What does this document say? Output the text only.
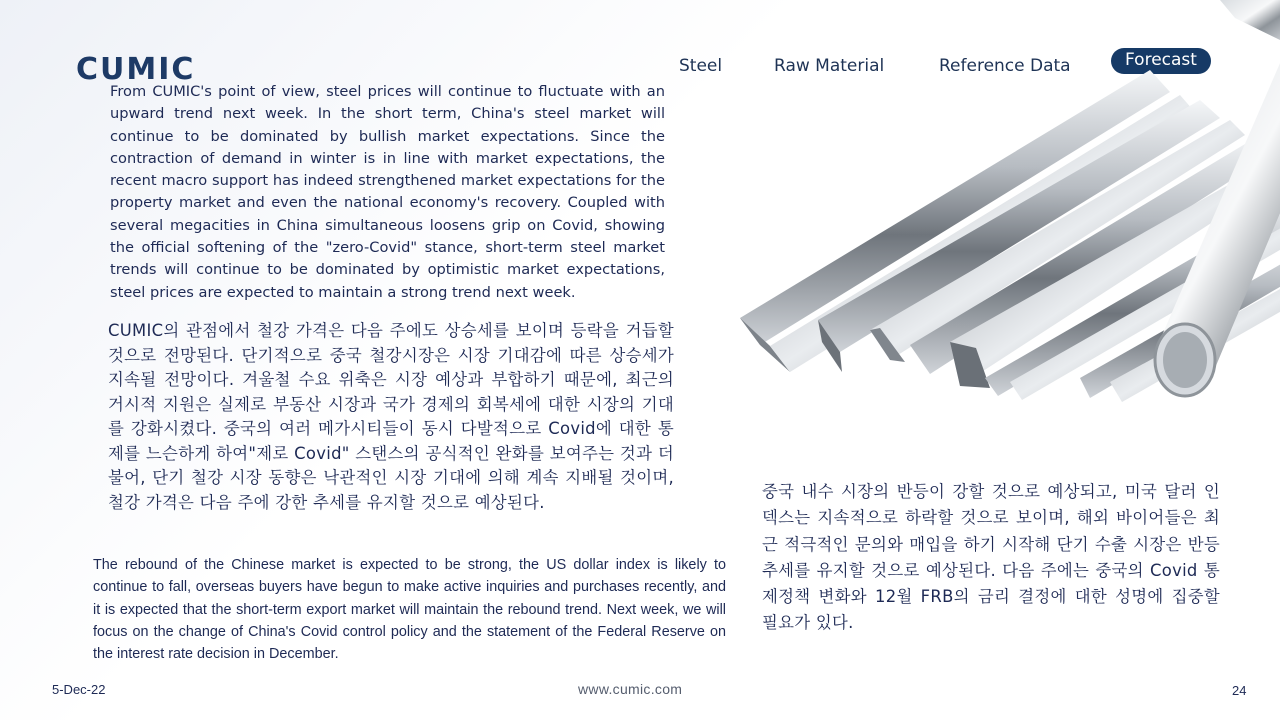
CUMIC	Steel	Raw Material	Reference Data	Forecast

From CUMIC's point of view, steel prices will continue to fluctuate with an upward trend next week. In the short term, China's steel market will continue to be dominated by bullish market expectations. Since the contraction of demand in winter is in line with market expectations, the recent macro support has indeed strengthened market expectations for the property market and even the national economy's recovery. Coupled with several megacities in China simultaneous loosens grip on Covid, showing the official softening of the "zero-Covid" stance, short-term steel market trends will continue to be dominated by optimistic market expectations, steel prices are expected to maintain a strong trend next week.

CUMIC의 관점에서 철강 가격은 다음 주에도 상승세를 보이며 등락을 거듭할 것으로 전망된다. 단기적으로 중국 철강시장은 시장 기대감에 따른 상승세가 지속될 전망이다. 겨울철 수요 위축은 시장 예상과 부합하기 때문에, 최근의 거시적 지원은 실제로 부동산 시장과 국가 경제의 회복세에 대한 시장의 기대를 강화시켰다. 중국의 여러 메가시티들이 동시 다발적으로 Covid에 대한 통제를 느슨하게 하여"제로 Covid" 스탠스의 공식적인 완화를 보여주는 것과 더불어, 단기 철강 시장 동향은 낙관적인 시장 기대에 의해 계속 지배될 것이며, 철강 가격은 다음 주에 강한 추세를 유지할 것으로 예상된다.

The rebound of the Chinese market is expected to be strong, the US dollar index is likely to continue to fall, overseas buyers have begun to make active inquiries and purchases recently, and it is expected that the short-term export market will maintain the rebound trend. Next week, we will focus on the change of China's Covid control policy and the statement of the Federal Reserve on the interest rate decision in December.

중국 내수 시장의 반등이 강할 것으로 예상되고, 미국 달러 인덱스는 지속적으로 하락할 것으로 보이며, 해외 바이어들은 최근 적극적인 문의와 매입을 하기 시작해 단기 수출 시장은 반등 추세를 유지할 것으로 예상된다. 다음 주에는 중국의 Covid 통제정책 변화와 12월 FRB의 금리 결정에 대한 성명에 집중할 필요가 있다.

5-Dec-22	www.cumic.com	24
